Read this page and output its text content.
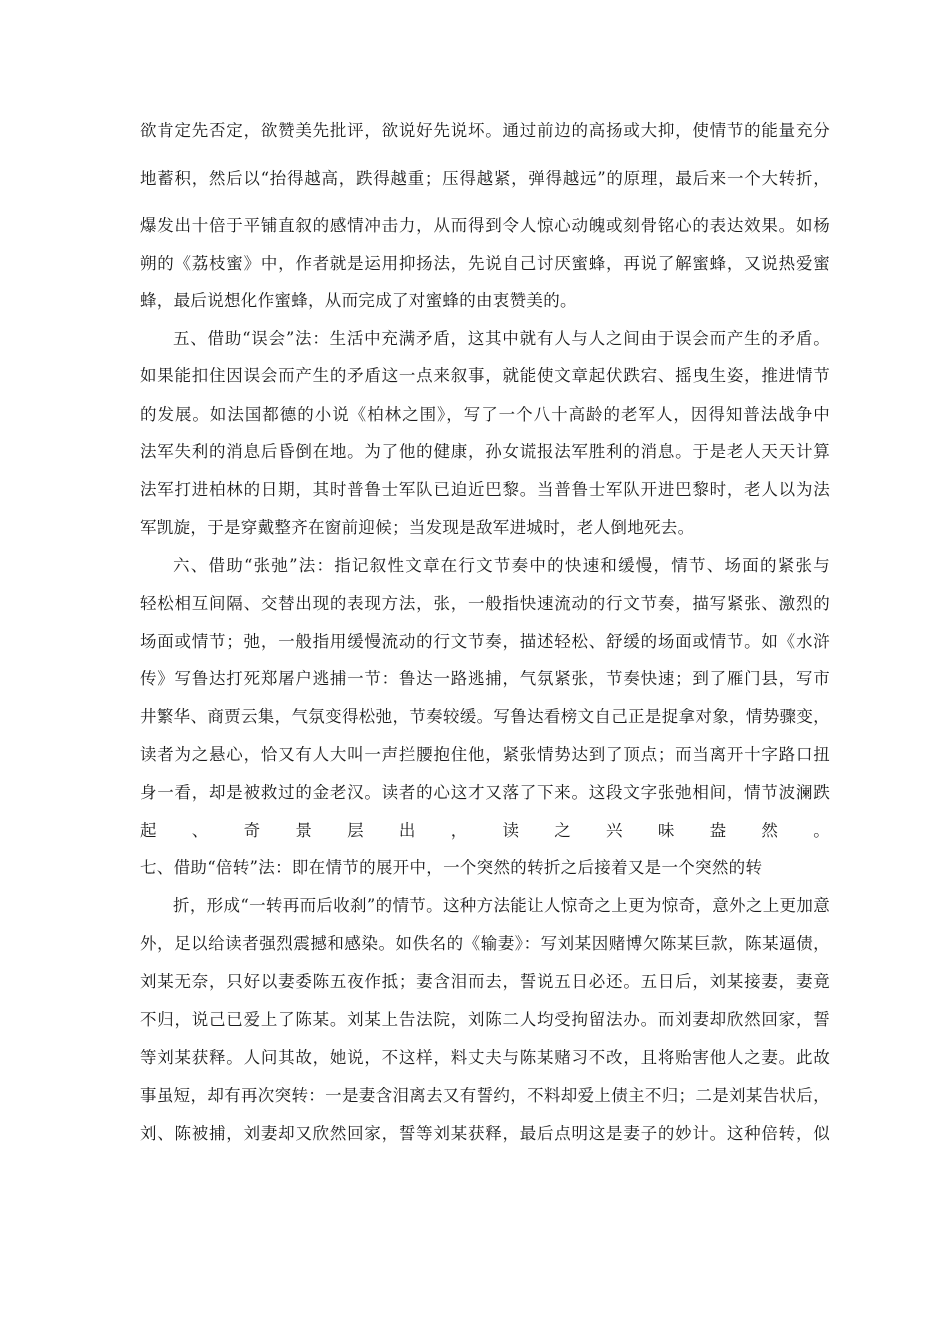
欲肯定先否定，欲赞美先批评，欲说好先说坏。通过前边的高扬或大抑，使情节的能量充分

地蓄积，然后以“抬得越高，跌得越重；压得越紧，弹得越远”的原理，最后来一个大转折，

爆发出十倍于平铺直叙的感情冲击力，从而得到令人惊心动魄或刻骨铭心的表达效果。如杨

朔的《荔枝蜜》中，作者就是运用抑扬法，先说自己讨厌蜜蜂，再说了解蜜蜂，又说热爱蜜

蜂，最后说想化作蜜蜂，从而完成了对蜜蜂的由衷赞美的。

五、借助“误会”法：生活中充满矛盾，这其中就有人与人之间由于误会而产生的矛盾。

如果能扣住因误会而产生的矛盾这一点来叙事，就能使文章起伏跌宕、摇曳生姿，推进情节

的发展。如法国都德的小说《柏林之围》，写了一个八十高龄的老军人，因得知普法战争中

法军失利的消息后昏倒在地。为了他的健康，孙女谎报法军胜利的消息。于是老人天天计算

法军打进柏林的日期，其时普鲁士军队已迫近巴黎。当普鲁士军队开进巴黎时，老人以为法

军凯旋，于是穿戴整齐在窗前迎候；当发现是敌军进城时，老人倒地死去。

六、借助“张弛”法：指记叙性文章在行文节奏中的快速和缓慢，情节、场面的紧张与

轻松相互间隔、交替出现的表现方法，张，一般指快速流动的行文节奏，描写紧张、激烈的

场面或情节；弛，一般指用缓慢流动的行文节奏，描述轻松、舒缓的场面或情节。如《水浒

传》写鲁达打死郑屠户逃捕一节：鲁达一路逃捕，气氛紧张，节奏快速；到了雁门县，写市

井繁华、商贾云集，气氛变得松弛，节奏较缓。写鲁达看榜文自己正是捉拿对象，情势骤变，

读者为之悬心，恰又有人大叫一声拦腰抱住他，紧张情势达到了顶点；而当离开十字路口扭

身一看，却是被救过的金老汉。读者的心这才又落了下来。这段文字张弛相间，情节波澜跌

起、奇景层出，读之兴味盎然。

七、借助“倍转”法：即在情节的展开中，一个突然的转折之后接着又是一个突然的转

折，形成“一转再而后收刹”的情节。这种方法能让人惊奇之上更为惊奇，意外之上更加意

外，足以给读者强烈震撼和感染。如佚名的《输妻》：写刘某因赌博欠陈某巨款，陈某逼债，

刘某无奈，只好以妻委陈五夜作抵；妻含泪而去，誓说五日必还。五日后，刘某接妻，妻竟

不归，说己已爱上了陈某。刘某上告法院，刘陈二人均受拘留法办。而刘妻却欣然回家，誓

等刘某获释。人问其故，她说，不这样，料丈夫与陈某赌习不改，且将贻害他人之妻。此故

事虽短，却有再次突转：一是妻含泪离去又有誓约，不料却爱上债主不归；二是刘某告状后，

刘、陈被捕，刘妻却又欣然回家，誓等刘某获释，最后点明这是妻子的妙计。这种倍转，似
